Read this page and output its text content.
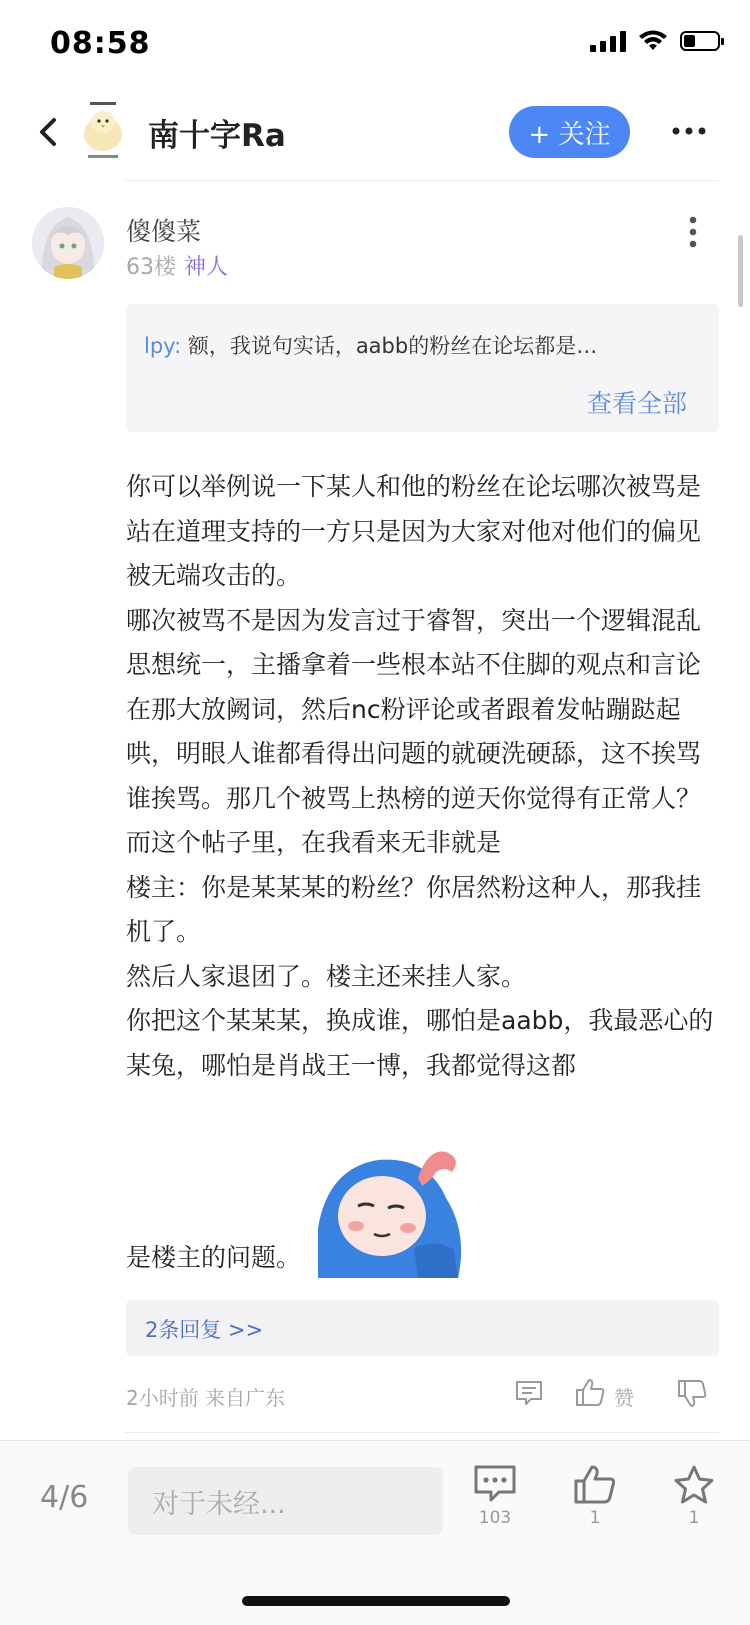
08:58
南十字Ra	+ 关注
傻傻菜
63楼 神人
lpy: 额，我说句实话，aabb的粉丝在论坛都是…
查看全部

你可以举例说一下某人和他的粉丝在论坛哪次被骂是站在道理支持的一方只是因为大家对他对他们的偏见被无端攻击的。

哪次被骂不是因为发言过于睿智，突出一个逻辑混乱思想统一，主播拿着一些根本站不住脚的观点和言论在那大放阙词，然后nc粉评论或者跟着发帖蹦跶起哄，明眼人谁都看得出问题的就硬洗硬舔，这不挨骂谁挨骂。那几个被骂上热榜的逆天你觉得有正常人？

而这个帖子里，在我看来无非就是

楼主：你是某某某的粉丝？你居然粉这种人，那我挂机了。

然后人家退团了。楼主还来挂人家。

你把这个某某某，换成谁，哪怕是aabb，我最恶心的某兔，哪怕是肖战王一博，我都觉得这都

是楼主的问题。
2条回复 >>
2小时前 来自广东	赞
4/6 对于未经...	103	1	1
